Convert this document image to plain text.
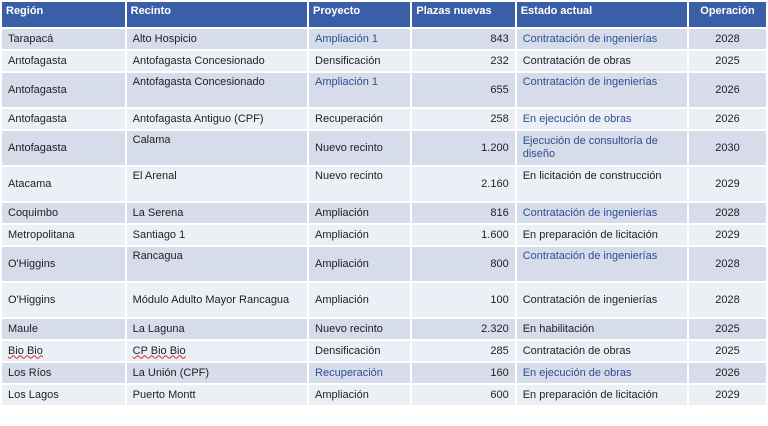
Región	Recinto	Proyecto	Plazas nuevas	Estado actual	Operación
Tarapacá	Alto Hospicio	Ampliación 1	843	Contratación de ingenierías	2028
Antofagasta	Antofagasta Concesionado	Densificación	232	Contratación de obras	2025
Antofagasta	Antofagasta Concesionado	Ampliación 1	655	Contratación de ingenierías	2026
Antofagasta	Antofagasta Antiguo (CPF)	Recuperación	258	En ejecución de obras	2026
Antofagasta	Calama	Nuevo recinto	1.200	Ejecución de consultoría de diseño	2030
Atacama	El Arenal	Nuevo recinto	2.160	En licitación de construcción	2029
Coquimbo	La Serena	Ampliación	816	Contratación de ingenierías	2028
Metropolitana	Santiago 1	Ampliación	1.600	En preparación de licitación	2029
O'Higgins	Rancagua	Ampliación	800	Contratación de ingenierías	2028
O'Higgins	Módulo Adulto Mayor Rancagua	Ampliación	100	Contratación de ingenierías	2028
Maule	La Laguna	Nuevo recinto	2.320	En habilitación	2025
Bio Bio	CP Bio Bio	Densificación	285	Contratación de obras	2025
Los Ríos	La Unión (CPF)	Recuperación	160	En ejecución de obras	2026
Los Lagos	Puerto Montt	Ampliación	600	En preparación de licitación	2029
